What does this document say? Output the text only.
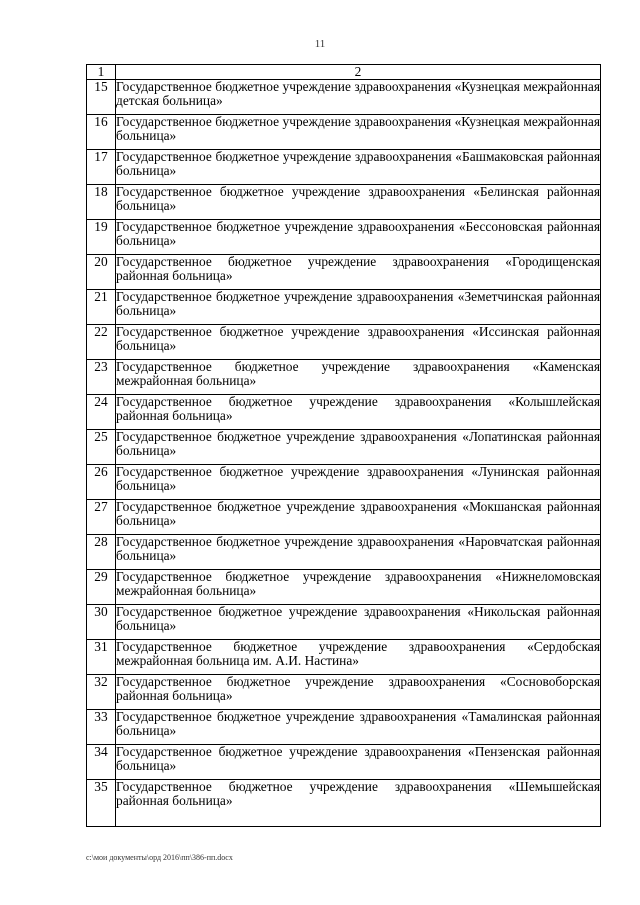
11
1	2
15	Государственное бюджетное учреждение здравоохранения «Кузнецкая межрайонная детская больница»
16	Государственное бюджетное учреждение здравоохранения «Кузнецкая межрайонная больница»
17	Государственное бюджетное учреждение здравоохранения «Башмаковская районная больница»
18	Государственное бюджетное учреждение здравоохранения «Белинская районная больница»
19	Государственное бюджетное учреждение здравоохранения «Бессоновская районная больница»
20	Государственное бюджетное учреждение здравоохранения «Городищенская районная больница»
21	Государственное бюджетное учреждение здравоохранения «Земетчинская районная больница»
22	Государственное бюджетное учреждение здравоохранения «Иссинская районная больница»
23	Государственное бюджетное учреждение здравоохранения «Каменская межрайонная больница»
24	Государственное бюджетное учреждение здравоохранения «Колышлейская районная больница»
25	Государственное бюджетное учреждение здравоохранения «Лопатинская районная больница»
26	Государственное бюджетное учреждение здравоохранения «Лунинская районная больница»
27	Государственное бюджетное учреждение здравоохранения «Мокшанская районная больница»
28	Государственное бюджетное учреждение здравоохранения «Наровчатская районная больница»
29	Государственное бюджетное учреждение здравоохранения «Нижнеломовская межрайонная больница»
30	Государственное бюджетное учреждение здравоохранения «Никольская районная больница»
31	Государственное бюджетное учреждение здравоохранения «Сердобская межрайонная больница им. А.И. Настина»
32	Государственное бюджетное учреждение здравоохранения «Сосновоборская районная больница»
33	Государственное бюджетное учреждение здравоохранения «Тамалинская районная больница»
34	Государственное бюджетное учреждение здравоохранения «Пензенская районная больница»
35	Государственное бюджетное учреждение здравоохранения «Шемышейская районная больница»
c:\мои документы\орд 2016\пп\386-пп.docx
